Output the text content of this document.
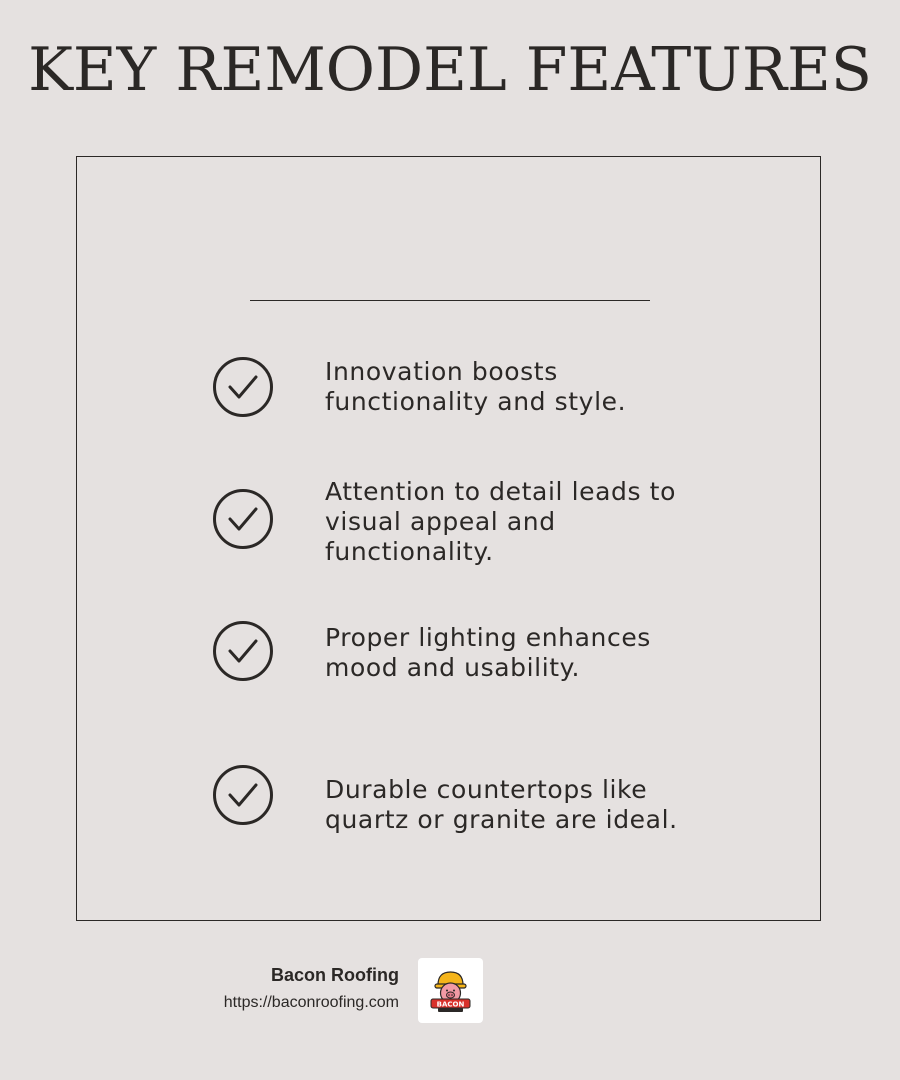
KEY REMODEL FEATURES
Innovation boosts
functionality and style.
Attention to detail leads to
visual appeal and
functionality.
Proper lighting enhances
mood and usability.
Durable countertops like
quartz or granite are ideal.
Bacon Roofing
https://baconroofing.com	BACON
